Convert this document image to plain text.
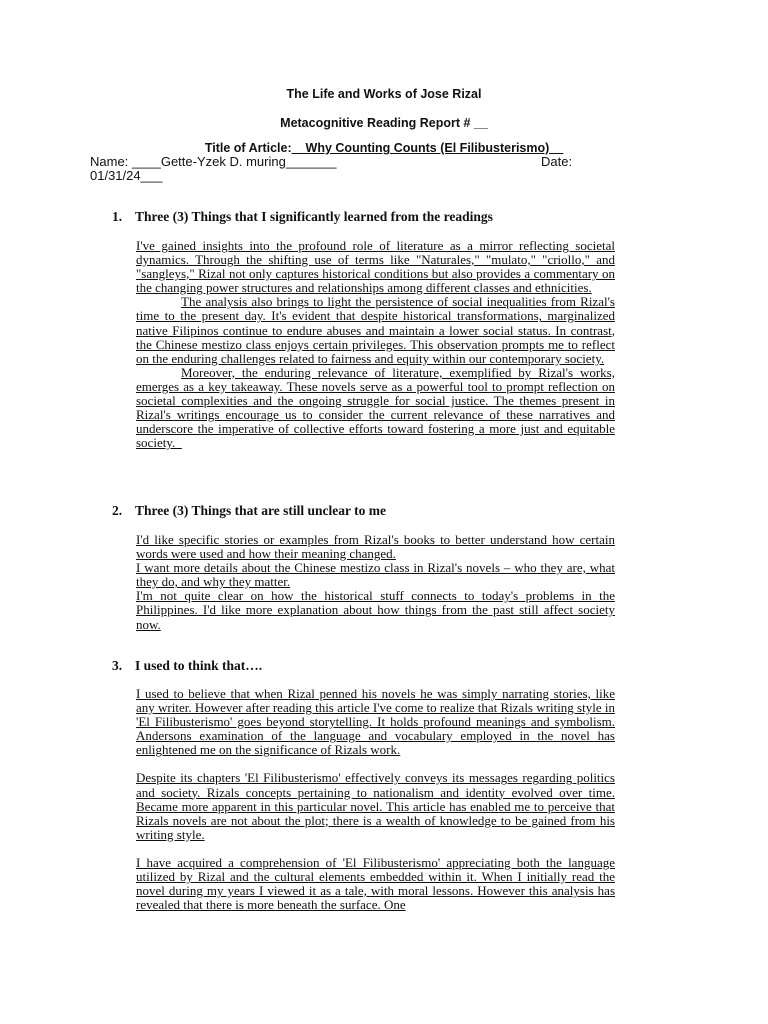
The Life and Works of Jose Rizal
Metacognitive Reading Report # __
Title of Article:__Why Counting Counts (El Filibusterismo)__
Name: ____Gette-Yzek D. muring_______	Date:
01/31/24___
1. Three (3) Things that I significantly learned from the readings

I've gained insights into the profound role of literature as a mirror reflecting societal dynamics. Through the shifting use of terms like "Naturales," "mulato," "criollo," and "sangleys," Rizal not only captures historical conditions but also provides a commentary on the changing power structures and relationships among different classes and ethnicities.

The analysis also brings to light the persistence of social inequalities from Rizal's time to the present day. It's evident that despite historical transformations, marginalized native Filipinos continue to endure abuses and maintain a lower social status. In contrast, the Chinese mestizo class enjoys certain privileges. This observation prompts me to reflect on the enduring challenges related to fairness and equity within our contemporary society.

Moreover, the enduring relevance of literature, exemplified by Rizal's works, emerges as a key takeaway. These novels serve as a powerful tool to prompt reflection on societal complexities and the ongoing struggle for social justice. The themes present in Rizal's writings encourage us to consider the current relevance of these narratives and underscore the imperative of collective efforts toward fostering a more just and equitable society._

2. Three (3) Things that are still unclear to me

I'd like specific stories or examples from Rizal's books to better understand how certain words were used and how their meaning changed.

I want more details about the Chinese mestizo class in Rizal's novels – who they are, what they do, and why they matter.

I'm not quite clear on how the historical stuff connects to today's problems in the Philippines. I'd like more explanation about how things from the past still affect society now.

3. I used to think that….

I used to believe that when Rizal penned his novels he was simply narrating stories, like any writer. However after reading this article I've come to realize that Rizals writing style in 'El Filibusterismo' goes beyond storytelling. It holds profound meanings and symbolism. Andersons examination of the language and vocabulary employed in the novel has enlightened me on the significance of Rizals work.

Despite its chapters 'El Filibusterismo' effectively conveys its messages regarding politics and society. Rizals concepts pertaining to nationalism and identity evolved over time. Became more apparent in this particular novel. This article has enabled me to perceive that Rizals novels are not about the plot; there is a wealth of knowledge to be gained from his writing style.

I have acquired a comprehension of 'El Filibusterismo' appreciating both the language utilized by Rizal and the cultural elements embedded within it. When I initially read the novel during my years I viewed it as a tale, with moral lessons. However this analysis has revealed that there is more beneath the surface. One
